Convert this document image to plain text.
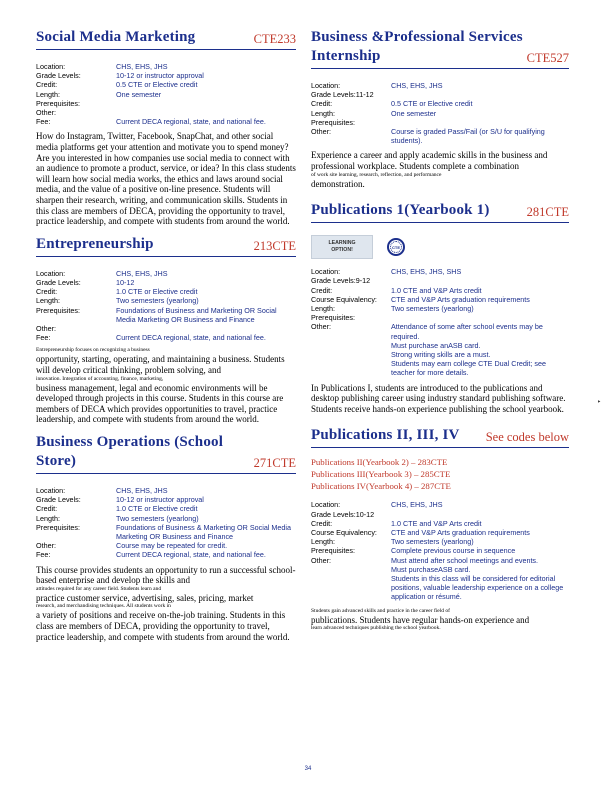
Social Media Marketing	CTE233
Location:	CHS, EHS, JHS
Grade Levels:	10-12 or instructor approval
Credit:	0.5 CTE or Elective credit
Length:	One semester
Prerequisites:	
Other:	
Fee:	Current DECA regional, state, and national fee.

How do Instagram, Twitter, Facebook, SnapChat, and other social media platforms get your attention and motivate you to spend money? Are you interested in how companies use social media to connect with an audience to promote a product, service, or idea? In this class students will learn how social media works, the ethics and laws around social media, and the value of a positive on-line presence. Students will sharpen their research, writing, and communication skills. Students in this class are members of DECA, providing the opportunity to travel, practice leadership, and compete with students from around the world.

Entrepreneurship	213CTE
Location:	CHS, EHS, JHS
Grade Levels:	10-12
Credit:	1.0 CTE or Elective credit
Length:	Two semesters (yearlong)
Prerequisites:	Foundations of Business and Marketing OR Social Media Marketing OR Business and Finance
Other:	
Fee:	Current DECA regional, state, and national fee.
Entrepreneurship focuses on recognizing a business
opportunity, starting, operating, and maintaining a business. Students will develop critical thinking, problem solving, and
innovation. Integration of accounting, finance, marketing,
business management, legal and economic environments will be developed through projects in this course. Students in this course are members of DECA which provides opportunities to travel, practice leadership, and compete with students from around the world.
Business Operations (School Store)	271CTE
Location:	CHS, EHS, JHS
Grade Levels:	10-12 or instructor approval
Credit:	1.0 CTE or Elective credit
Length:	Two semesters (yearlong)
Prerequisites:	Foundations of Business & Marketing OR Social Media Marketing OR Business and Finance
Other:	Course may be repeated for credit.
Fee:	Current DECA regional, state, and national fee.
This course provides students an opportunity to run a successful school-based enterprise and develop the skills and
attitudes required for any career field. Students learn and
practice customer service, advertising, sales, pricing, market
research, and merchandising techniques. All students work in
a variety of positions and receive on-the-job training. Students in this class are members of DECA, providing the opportunity to travel, practice leadership, and compete with students from around the world.
Business &Professional Services
Internship	CTE527
Location:	CHS, EHS, JHS
Grade Levels:11-12	
Credit:	0.5 CTE or Elective credit
Length:	One semester
Prerequisites:	
Other:	Course is graded Pass/Fail (or S/U for qualifying students).
Experience a career and apply academic skills in the business and professional workplace. Students complete a combination
of work site learning, research, reflection, and performance
demonstration.
Publications 1(Yearbook 1)	281CTE
LEARNING
OPTION!	CTE
Location:	CHS, EHS, JHS, SHS
Grade Levels:9-12	
Credit:	1.0 CTE and V&P Arts credit
Course Equivalency:	CTE and V&P Arts graduation requirements
Length:	Two semesters (yearlong)
Prerequisites:	
Other:	Attendance of some after school events may be required.
Must purchase anASB card.
Strong writing skills are a must.
Students may earn college CTE Dual Credit; see teacher for more details.

In Publications I, students are introduced to the publications and desktop publishing career using industry standard publishing software. Students receive hands-on experience publishing the school yearbook.

Publications II, III, IV See codes below
Publications II(Yearbook 2) – 283CTE
Publications III(Yearbook 3) – 285CTE
Publications IV(Yearbook 4) – 287CTE
Location:	CHS, EHS, JHS
Grade Levels:10-12	
Credit:	1.0 CTE and V&P Arts credit
Course Equivalency:	CTE and V&P Arts graduation requirements
Length:	Two semesters (yearlong)
Prerequisites:	Complete previous course in sequence
Other:	Must attend after school meetings and events.
Must purchaseASB card.
Students in this class will be considered for editorial positions, valuable leadership experience on a college application or résumé.
Students gain advanced skills and practice in the career field of
publications. Students have regular hands-on experience and
learn advanced techniques publishing the school yearbook.
‣
34
